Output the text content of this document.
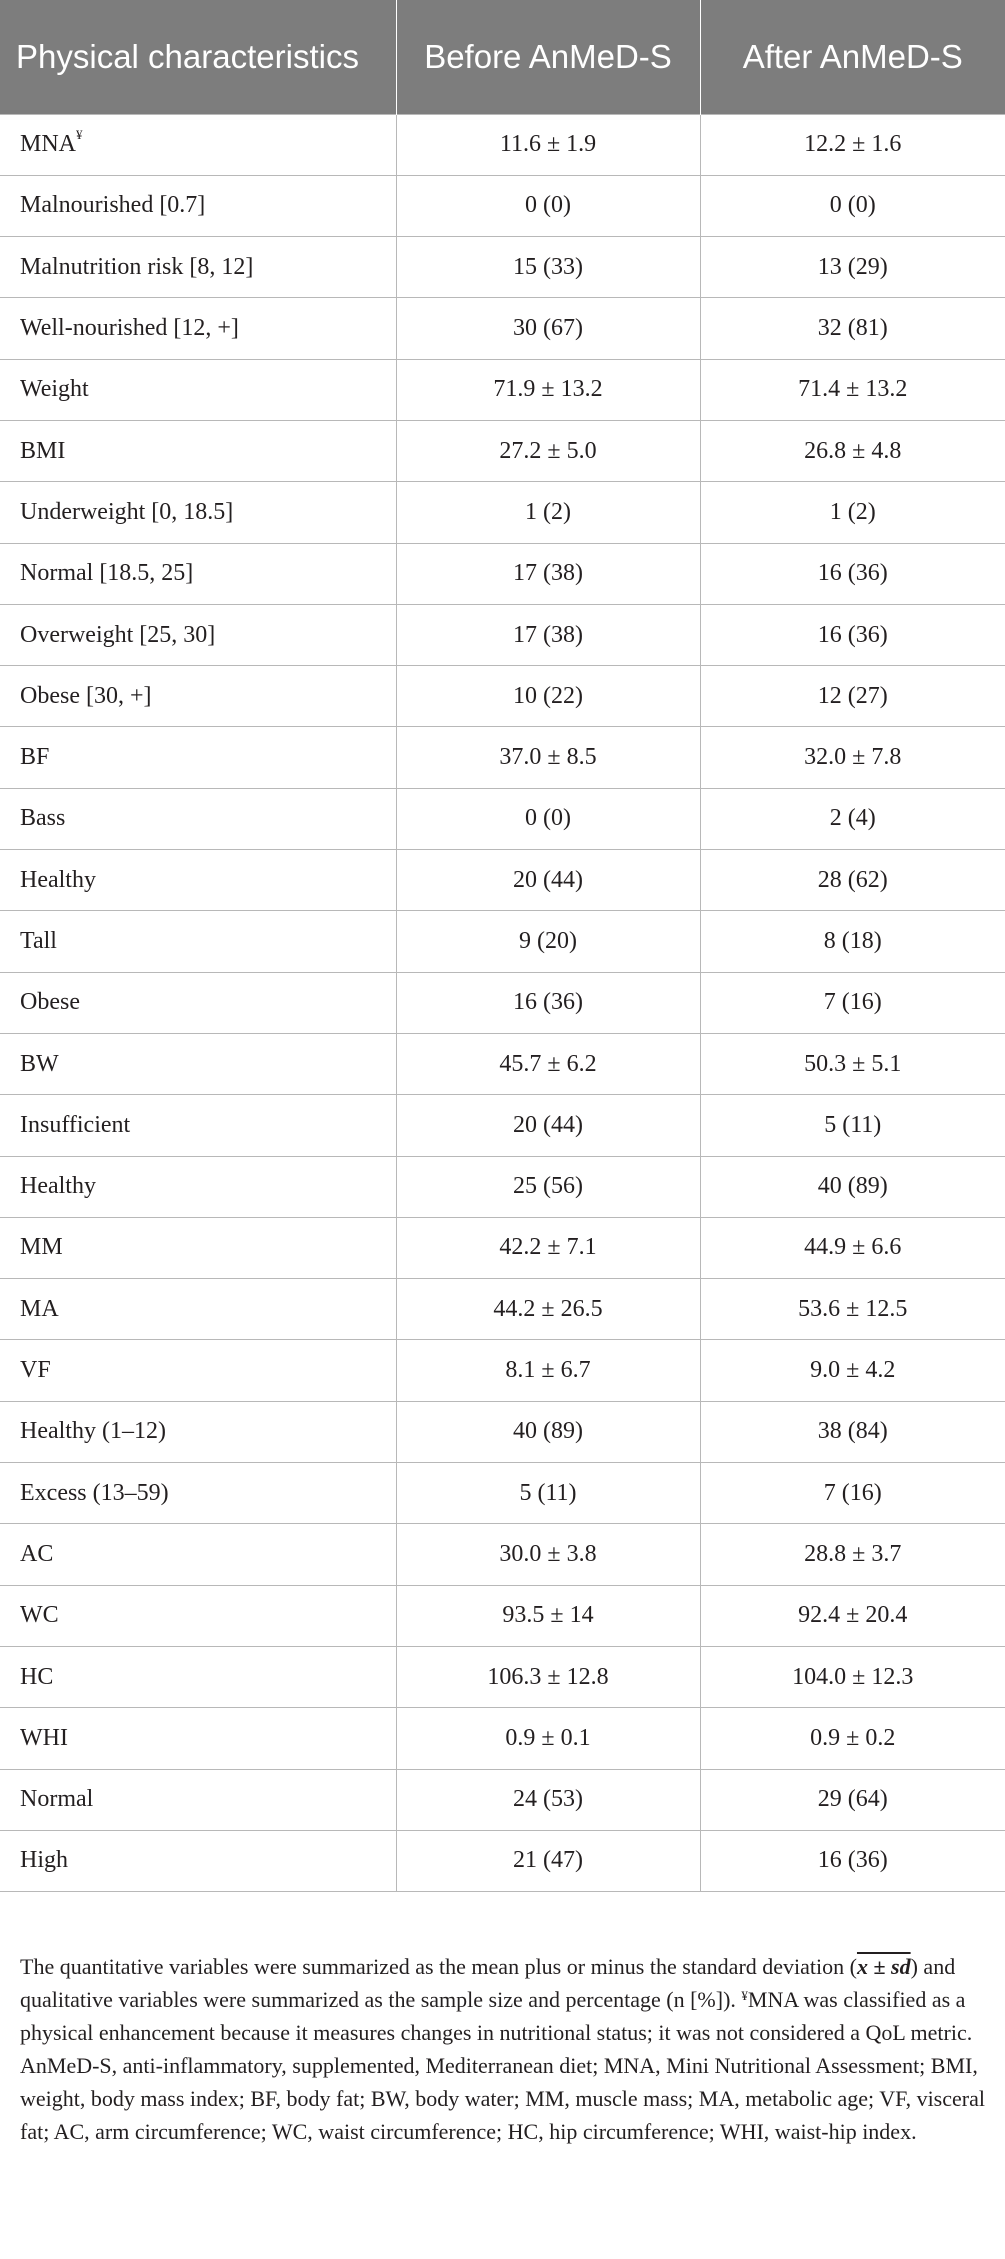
Physical characteristics	Before AnMeD-S	After AnMeD-S
MNA¥	11.6 ± 1.9	12.2 ± 1.6
Malnourished [0.7]	0 (0)	0 (0)
Malnutrition risk [8, 12]	15 (33)	13 (29)
Well-nourished [12, +]	30 (67)	32 (81)
Weight	71.9 ± 13.2	71.4 ± 13.2
BMI	27.2 ± 5.0	26.8 ± 4.8
Underweight [0, 18.5]	1 (2)	1 (2)
Normal [18.5, 25]	17 (38)	16 (36)
Overweight [25, 30]	17 (38)	16 (36)
Obese [30, +]	10 (22)	12 (27)
BF	37.0 ± 8.5	32.0 ± 7.8
Bass	0 (0)	2 (4)
Healthy	20 (44)	28 (62)
Tall	9 (20)	8 (18)
Obese	16 (36)	7 (16)
BW	45.7 ± 6.2	50.3 ± 5.1
Insufficient	20 (44)	5 (11)
Healthy	25 (56)	40 (89)
MM	42.2 ± 7.1	44.9 ± 6.6
MA	44.2 ± 26.5	53.6 ± 12.5
VF	8.1 ± 6.7	9.0 ± 4.2
Healthy (1–12)	40 (89)	38 (84)
Excess (13–59)	5 (11)	7 (16)
AC	30.0 ± 3.8	28.8 ± 3.7
WC	93.5 ± 14	92.4 ± 20.4
HC	106.3 ± 12.8	104.0 ± 12.3
WHI	0.9 ± 0.1	0.9 ± 0.2
Normal	24 (53)	29 (64)
High	21 (47)	16 (36)

The quantitative variables were summarized as the mean plus or minus the standard deviation (x ± sd) and qualitative variables were summarized as the sample size and percentage (n [%]). ¥MNA was classified as a physical enhancement because it measures changes in nutritional status; it was not considered a QoL metric. AnMeD-S, anti-inflammatory, supplemented, Mediterranean diet; MNA, Mini Nutritional Assessment; BMI, weight, body mass index; BF, body fat; BW, body water; MM, muscle mass; MA, metabolic age; VF, visceral fat; AC, arm circumference; WC, waist circumference; HC, hip circumference; WHI, waist-hip index.
